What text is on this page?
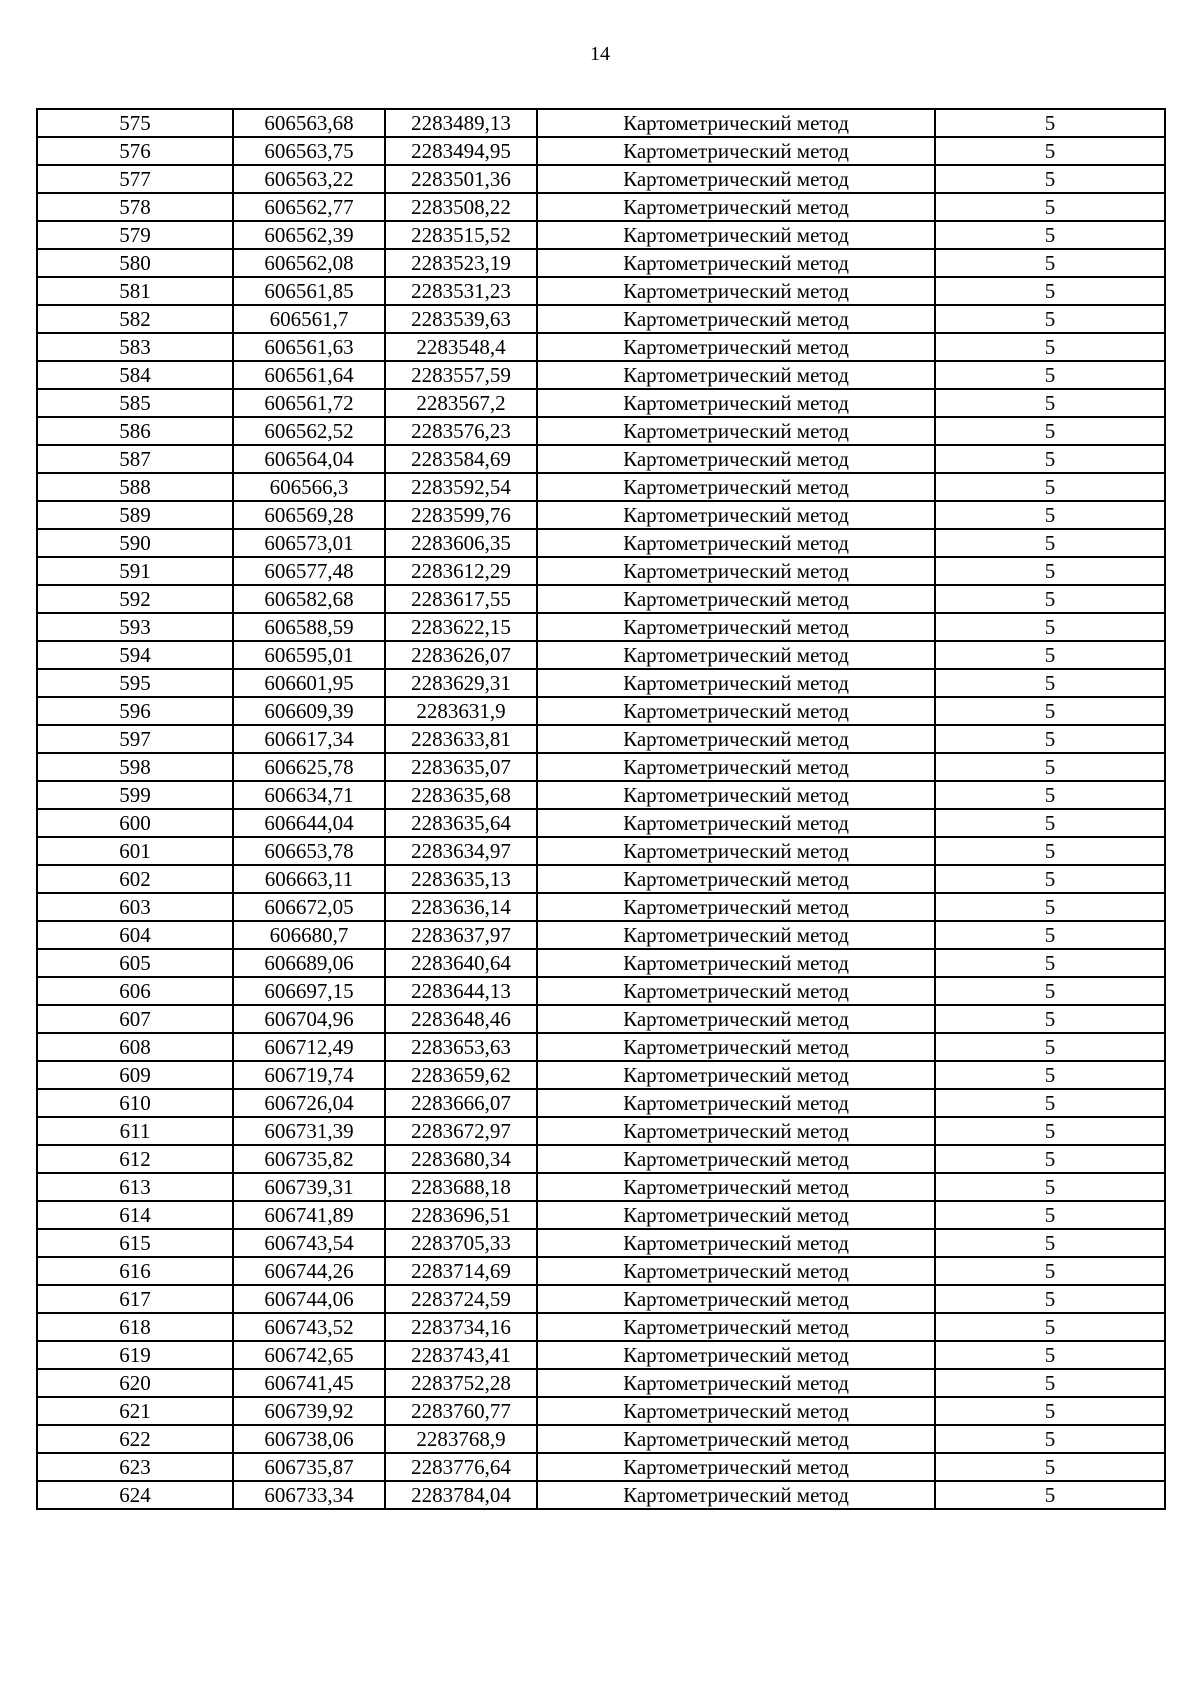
14
575	606563,68	2283489,13	Картометрический метод	5
576	606563,75	2283494,95	Картометрический метод	5
577	606563,22	2283501,36	Картометрический метод	5
578	606562,77	2283508,22	Картометрический метод	5
579	606562,39	2283515,52	Картометрический метод	5
580	606562,08	2283523,19	Картометрический метод	5
581	606561,85	2283531,23	Картометрический метод	5
582	606561,7	2283539,63	Картометрический метод	5
583	606561,63	2283548,4	Картометрический метод	5
584	606561,64	2283557,59	Картометрический метод	5
585	606561,72	2283567,2	Картометрический метод	5
586	606562,52	2283576,23	Картометрический метод	5
587	606564,04	2283584,69	Картометрический метод	5
588	606566,3	2283592,54	Картометрический метод	5
589	606569,28	2283599,76	Картометрический метод	5
590	606573,01	2283606,35	Картометрический метод	5
591	606577,48	2283612,29	Картометрический метод	5
592	606582,68	2283617,55	Картометрический метод	5
593	606588,59	2283622,15	Картометрический метод	5
594	606595,01	2283626,07	Картометрический метод	5
595	606601,95	2283629,31	Картометрический метод	5
596	606609,39	2283631,9	Картометрический метод	5
597	606617,34	2283633,81	Картометрический метод	5
598	606625,78	2283635,07	Картометрический метод	5
599	606634,71	2283635,68	Картометрический метод	5
600	606644,04	2283635,64	Картометрический метод	5
601	606653,78	2283634,97	Картометрический метод	5
602	606663,11	2283635,13	Картометрический метод	5
603	606672,05	2283636,14	Картометрический метод	5
604	606680,7	2283637,97	Картометрический метод	5
605	606689,06	2283640,64	Картометрический метод	5
606	606697,15	2283644,13	Картометрический метод	5
607	606704,96	2283648,46	Картометрический метод	5
608	606712,49	2283653,63	Картометрический метод	5
609	606719,74	2283659,62	Картометрический метод	5
610	606726,04	2283666,07	Картометрический метод	5
611	606731,39	2283672,97	Картометрический метод	5
612	606735,82	2283680,34	Картометрический метод	5
613	606739,31	2283688,18	Картометрический метод	5
614	606741,89	2283696,51	Картометрический метод	5
615	606743,54	2283705,33	Картометрический метод	5
616	606744,26	2283714,69	Картометрический метод	5
617	606744,06	2283724,59	Картометрический метод	5
618	606743,52	2283734,16	Картометрический метод	5
619	606742,65	2283743,41	Картометрический метод	5
620	606741,45	2283752,28	Картометрический метод	5
621	606739,92	2283760,77	Картометрический метод	5
622	606738,06	2283768,9	Картометрический метод	5
623	606735,87	2283776,64	Картометрический метод	5
624	606733,34	2283784,04	Картометрический метод	5
